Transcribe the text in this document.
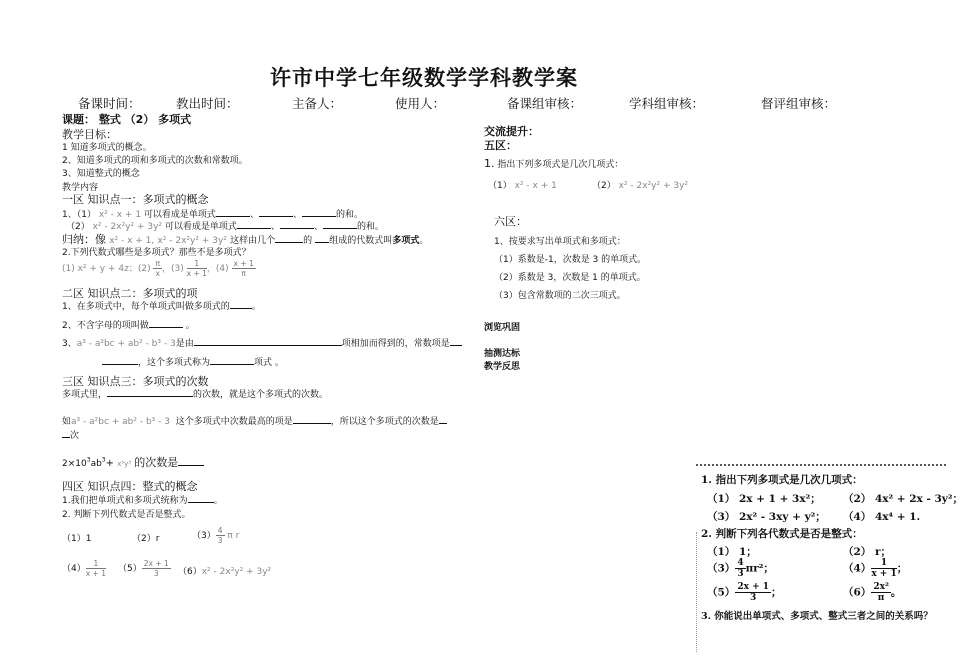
许市中学七年级数学学科教学案
备课时间：	教出时间：	主备人：	使用人：	备课组审核：	学科组审核：	督评组审核：
课题： 整式 （2） 多项式
教学目标：
1 知道多项式的概念。
2、知道多项式的项和多项式的次数和常数项。
3、知道整式的概念
教学内容
一区 知识点一：多项式的概念
1、（1） x² - x + 1 可以看成是单项式	、	、	的和。
（2） x² - 2x²y² + 3y² 可以看成是单项式	、	、	的和。
归纳：像 x² - x + 1, x² - 2x²y² + 3y² 这样由几个	的 组成的代数式叫多项式。
2.下列代数式哪些是多项式？那些不是多项式？
(1) x² + y + 4z；$(2) \frac{\pi}{x}$，$(3) \frac{1}{x + 1}$，$(4) \frac{x + 1}{\pi}$
二区 知识点二：多项式的项
1、在多项式中，每个单项式叫做多项式的 。
2、不含字母的项叫做	。
3、a³ - a²bc + ab² - b³ - 3是由	项相加而得到的，常数项是
，这个多项式称为	项式 。
三区 知识点三：多项式的次数
多项式里，	的次数，就是这个多项式的次数。
如a³ - a²bc + ab² - b³ - 3 这个多项式中次数最高的项是	，所以这个多项式的次数是
次
$2\times 10^3ab^3+ x^3y^3$ 的次数是
四区 知识点四：整式的概念
1.我们把单项式和多项式统称为	。
2. 判断下列代数式是否是整式。
（1）1	（2）r	$(3) \frac{4}{3}$ π r
$(4) \frac{1}{x + 1} (5) \frac{2x + 1}{3} (6)x^2 - 2x^2y^2 + 3y^2$
交流提升：
五区：
1. 指出下列多项式是几次几项式：
（1） x² - x + 1	（2） x² - 2x²y² + 3y²
六区：
1、按要求写出单项式和多项式：
（1）系数是-1，次数是 3 的单项式。
（2）系数是 3，次数是 1 的单项式。
（3）包含常数项的二次三项式。
浏览巩固
抽测达标
教学反思
1. 指出下列多项式是几次几项式：
（1） 2x + 1 + 3x²； （2） 4x² + 2x - 3y²；
（3） 2x² - 3xy + y²； （4） 4x⁴ + 1.
2. 判断下列各代数式是否是整式：
（1） 1；	（2） r；
$(3) \frac{4}{3}\pi r^2$；	$(4) \frac{1}{x + 1}$；
$(5) \frac{2x + 1}{3}$；	$(6) \frac{\text{2x²}}{\pi}$。
3. 你能说出单项式、多项式、整式三者之间的关系吗？
